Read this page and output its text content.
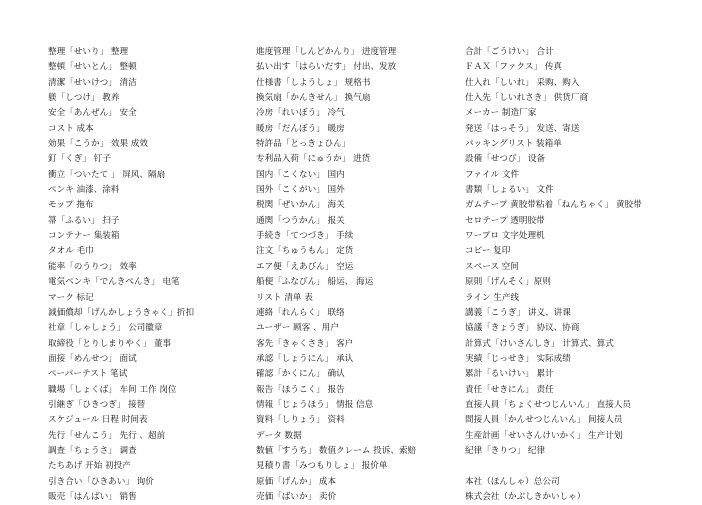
整理「せいり」 整理
整頓「せいとん」 整顿
清潔「せいけつ」 清洁
躾「しつけ」 教养
安全「あんぜん」 安全
コスト 成本
効果「こうか」 效果 成效
釘「くぎ」 钉子
衝立「ついたて 」 屏风、隔扇
ペンキ 油漆、涂料
モップ 拖布
箒「ふるい」 扫子
コンテナー 集装箱
タオル 毛巾
能率「のうりつ」 效率
電気ペンキ「でんきぺんき」 电笔
マーク 标记
減価償却「げんかしょうきゃく」折扣
社章「しゃしょう」 公司徽章
取締役「とりしまりやく」 董事
面接「めんせつ」 面试
ペーパーテスト 笔试
職場「しょくば」 车间 工作 岗位
引継ぎ「ひきつぎ」 接替
スケジュール 日程 时间表
先行「せんこう」 先行 、超前
調査「ちょうさ」 调查
たちあげ 开始 初投产
引き合い「ひきあい」 询价
販売「はんばい」 销售
進度管理「しんどかんり」 进度管理
払い出す「はらいだす」 付出、发放
仕様書「しようしょ」 规格书
換気扇「かんきせん」 换气扇
冷房「れいぼう」 冷气
暖房「だんぼう」 暖房
特許品「とっきょひん」
专利品入荷「にゅうか」 进货
国内「こくない」 国内
国外「こくがい」 国外
税関「ぜいかん」 海关
通関「つうかん」 报关
手続き「てつづき」 手续
注文「ちゅうもん」 定货
エア便「えあびん」 空运
船便「ふなびん」 船运、 海运
リスト 清单 表
連絡「れんらく」 联络
ユーザー 顾客 、用户
客先「きゃくさき」 客户
承認「しょうにん」 承认
確認「かくにん」 确认
報告「ほうこく」 报告
情報「じょうほう」 情报 信息
資料「しりょう」 资料
データ 数据
数値「すうち」 数值クレーム 投诉、索赔
見積り書「みつもりしょ」 报价单
原価「げんか」 成本
売価「ばいか」 卖价
合計「ごうけい」 合计
ＦＡＸ「ファクス」 传真
仕入れ「しいれ」 采购、购入
仕入先「しいれさき」 供货厂商
メーカー 制造厂家
発送「はっそう」 发送、寄送
パッキングリスト 装箱单
設備「せつび」 设备
ファイル 文件
書類「しょるい」 文件
ガムテープ 黄胶带粘着「ねんちゃく」 黄胶带
セロテープ 透明胶带
ワープロ 文字处理机
コピー 复印
スペース 空间
原則「げんそく」原则
ライン 生产线
講義「こうぎ」 讲义、讲课
協議「きょうぎ」 协议、协商
計算式「けいさんしき」 计算式、算式
実績「じっせき」 实际成绩
累計「るいけい」 累计
責任「せきにん」 责任
直接人員「ちょくせつじんいん」 直接人员
間接人員「かんせつじんいん」 间接人员
生産計画「せいさんけいかく」 生产计划
紀律「きりつ」 纪律
本社（ほんしゃ）总公司
株式会社（かぶしきかいしゃ）
